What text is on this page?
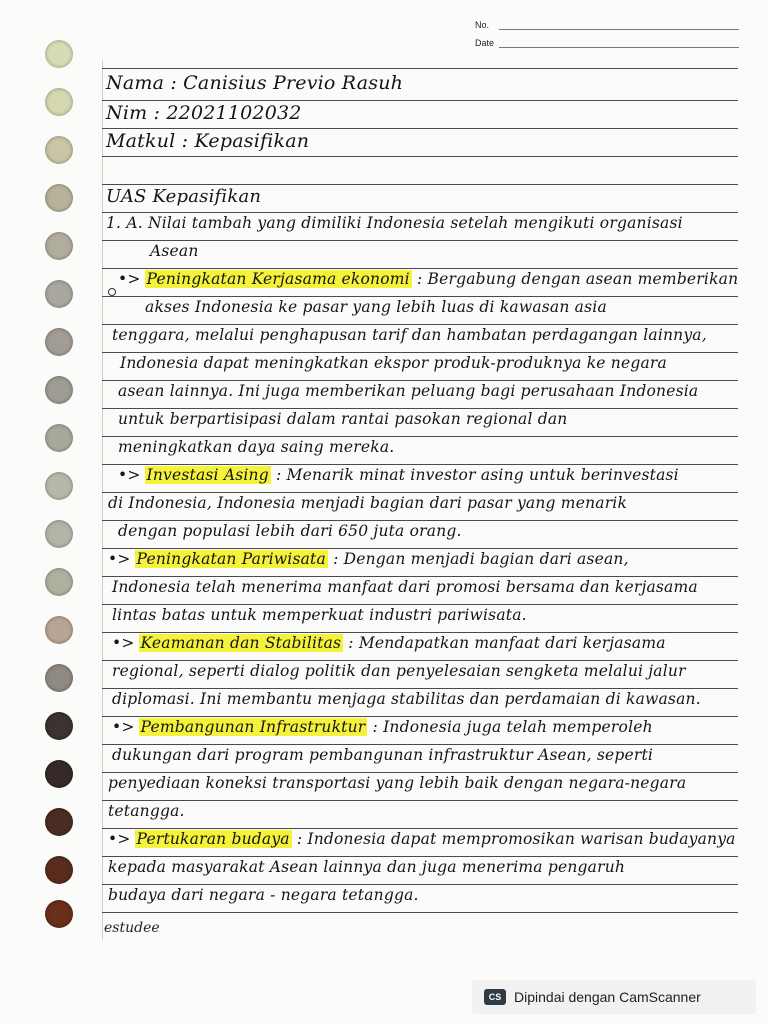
No.
Date
Nama : Canisius Previo Rasuh
Nim : 22021102032
Matkul : Kepasifikan
UAS Kepasifikan
1. A. Nilai tambah yang dimiliki Indonesia setelah mengikuti organisasi
Asean
•> Peningkatan Kerjasama ekonomi : Bergabung dengan asean memberikan
akses Indonesia ke pasar yang lebih luas di kawasan asia
tenggara, melalui penghapusan tarif dan hambatan perdagangan lainnya,
Indonesia dapat meningkatkan ekspor produk-produknya ke negara
asean lainnya. Ini juga memberikan peluang bagi perusahaan Indonesia
untuk berpartisipasi dalam rantai pasokan regional dan
meningkatkan daya saing mereka.
•> Investasi Asing : Menarik minat investor asing untuk berinvestasi
di Indonesia, Indonesia menjadi bagian dari pasar yang menarik
dengan populasi lebih dari 650 juta orang.
•> Peningkatan Pariwisata : Dengan menjadi bagian dari asean,
Indonesia telah menerima manfaat dari promosi bersama dan kerjasama
lintas batas untuk memperkuat industri pariwisata.
•> Keamanan dan Stabilitas : Mendapatkan manfaat dari kerjasama
regional, seperti dialog politik dan penyelesaian sengketa melalui jalur
diplomasi. Ini membantu menjaga stabilitas dan perdamaian di kawasan.
•> Pembangunan Infrastruktur : Indonesia juga telah memperoleh
dukungan dari program pembangunan infrastruktur Asean, seperti
penyediaan koneksi transportasi yang lebih baik dengan negara-negara
tetangga.
•> Pertukaran budaya : Indonesia dapat mempromosikan warisan budayanya
kepada masyarakat Asean lainnya dan juga menerima pengaruh
budaya dari negara - negara tetangga.
estudee
CS Dipindai dengan CamScanner
